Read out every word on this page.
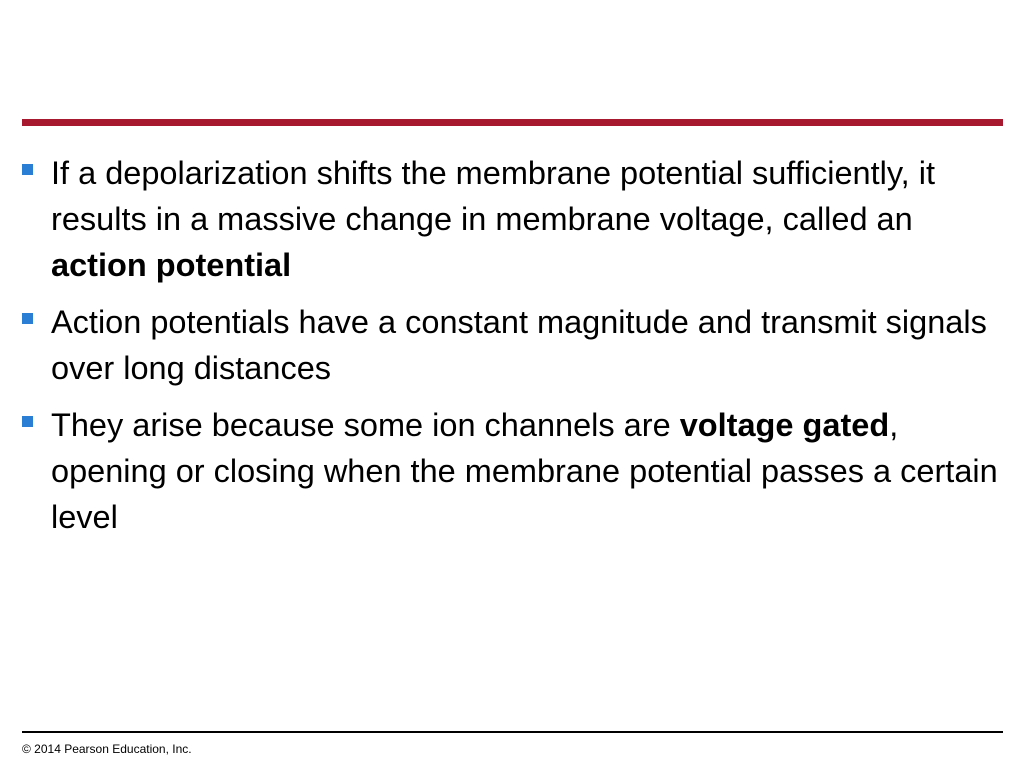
If a depolarization shifts the membrane potential sufficiently, it results in a massive change in membrane voltage, called an action potential
Action potentials have a constant magnitude and transmit signals over long distances
They arise because some ion channels are voltage gated, opening or closing when the membrane potential passes a certain level
© 2014 Pearson Education, Inc.
